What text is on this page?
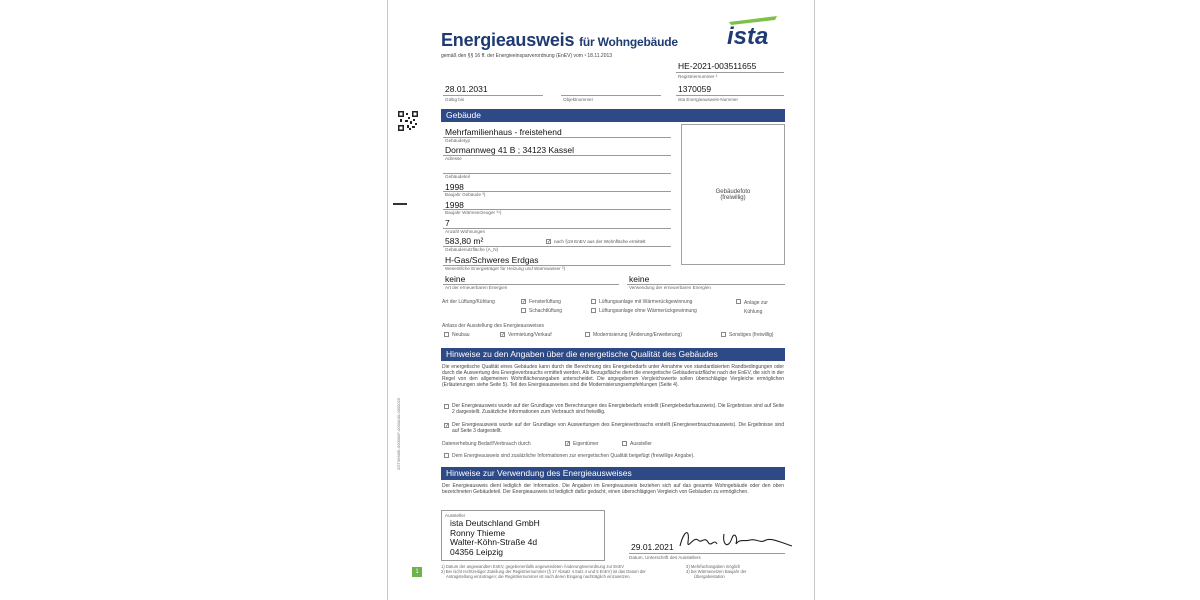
ZGT06M0E-000000F-0000A00-0000025
1
Energieausweis für Wohngebäude
gemäß den §§ 16 ff. der Energieeinsparverordnung (EnEV) vom ¹ 18.11.2013
ista
HE-2021-003511655
Registriernummer ²
28.01.2031
Gültig bis	Objektnummer
1370059
ista Energieausweis-Nummer
Gebäude
Mehrfamilienhaus - freistehend
Gebäudetyp
Dormannweg 41 B ; 34123 Kassel
Adresse
Gebäudeteil
1998
Baujahr Gebäude ³)
1998
Baujahr Wärmeerzeuger ³⁴)
7
Anzahl Wohnungen
583,80 m²
Gebäudenutzfläche (A_N)
✓ nach §19 EnEV aus der Wohnfläche ermittelt
H-Gas/Schweres Erdgas
Wesentliche Energieträger für Heizung und Warmwasser ³)
Gebäudefoto
(freiwillig)
keine
Art der erneuerbaren Energien
keine
Verwendung der erneuerbaren Energien
Art der Lüftung/Kühlung	✓ Fensterlüftung
Schachtlüftung
Lüftungsanlage mit Wärmerückgewinnung
Lüftungsanlage ohne Wärmerückgewinnung
Anlage zur Kühlung
Anlass der Ausstellung des Energieausweises
Neubau	✓ Vermietung/Verkauf	Modernisierung (Änderung/Erweiterung)	Sonstiges (freiwillig)
Hinweise zu den Angaben über die energetische Qualität des Gebäudes
Die energetische Qualität eines Gebäudes kann durch die Berechnung des Energiebedarfs unter Annahme von standardisierten Randbedingungen oder durch die Auswertung des Energieverbrauchs ermittelt werden. Als Bezugsfläche dient die energetische Gebäudenutzfläche nach der EnEV, die sich in der Regel von den allgemeinen Wohnflächenangaben unterscheidet. Die angegebenen Vergleichswerte sollen überschlägige Vergleiche ermöglichen (Erläuterungen siehe Seite 5). Teil des Energieausweises sind die Modernisierungsempfehlungen (Seite 4).
Der Energieausweis wurde auf der Grundlage von Berechnungen des Energiebedarfs erstellt (Energiebedarfsausweis). Die Ergebnisse sind auf Seite 2 dargestellt. Zusätzliche Informationen zum Verbrauch sind freiwillig.
✓ Der Energieausweis wurde auf der Grundlage von Auswertungen des Energieverbrauchs erstellt (Energieverbrauchsausweis). Die Ergebnisse sind auf Seite 3 dargestellt.
Datenerhebung Bedarf/Verbrauch durch	✓ Eigentümer	Aussteller
Dem Energieausweis sind zusätzliche Informationen zur energetischen Qualität beigefügt (freiwillige Angabe).
Hinweise zur Verwendung des Energieausweises
Der Energieausweis dient lediglich der Information. Die Angaben im Energieausweis beziehen sich auf das gesamte Wohngebäude oder den oben bezeichneten Gebäudeteil. Der Energieausweis ist lediglich dafür gedacht, einen überschlägigen Vergleich von Gebäuden zu ermöglichen.
Aussteller
ista Deutschland GmbH
Ronny Thieme
Walter-Köhn-Straße 4d
04356 Leipzig	29.01.2021
Datum, Unterschrift des Ausstellers
1) Datum der angewandten EnEV, gegebenenfalls angewendeten Änderungsverordnung zur EnEV
2) Bei nicht rechtzeitiger Zuteilung der Registriernummer (§ 17 Absatz 4 Satz 4 und 5 EnEV) ist das Datum der
Antragstellung einzutragen; die Registriernummer ist nach deren Eingang nachträglich einzusetzen.
3) Mehrfachangaben möglich
4) bei Wärmenetzen Baujahr der
Übergabestation
